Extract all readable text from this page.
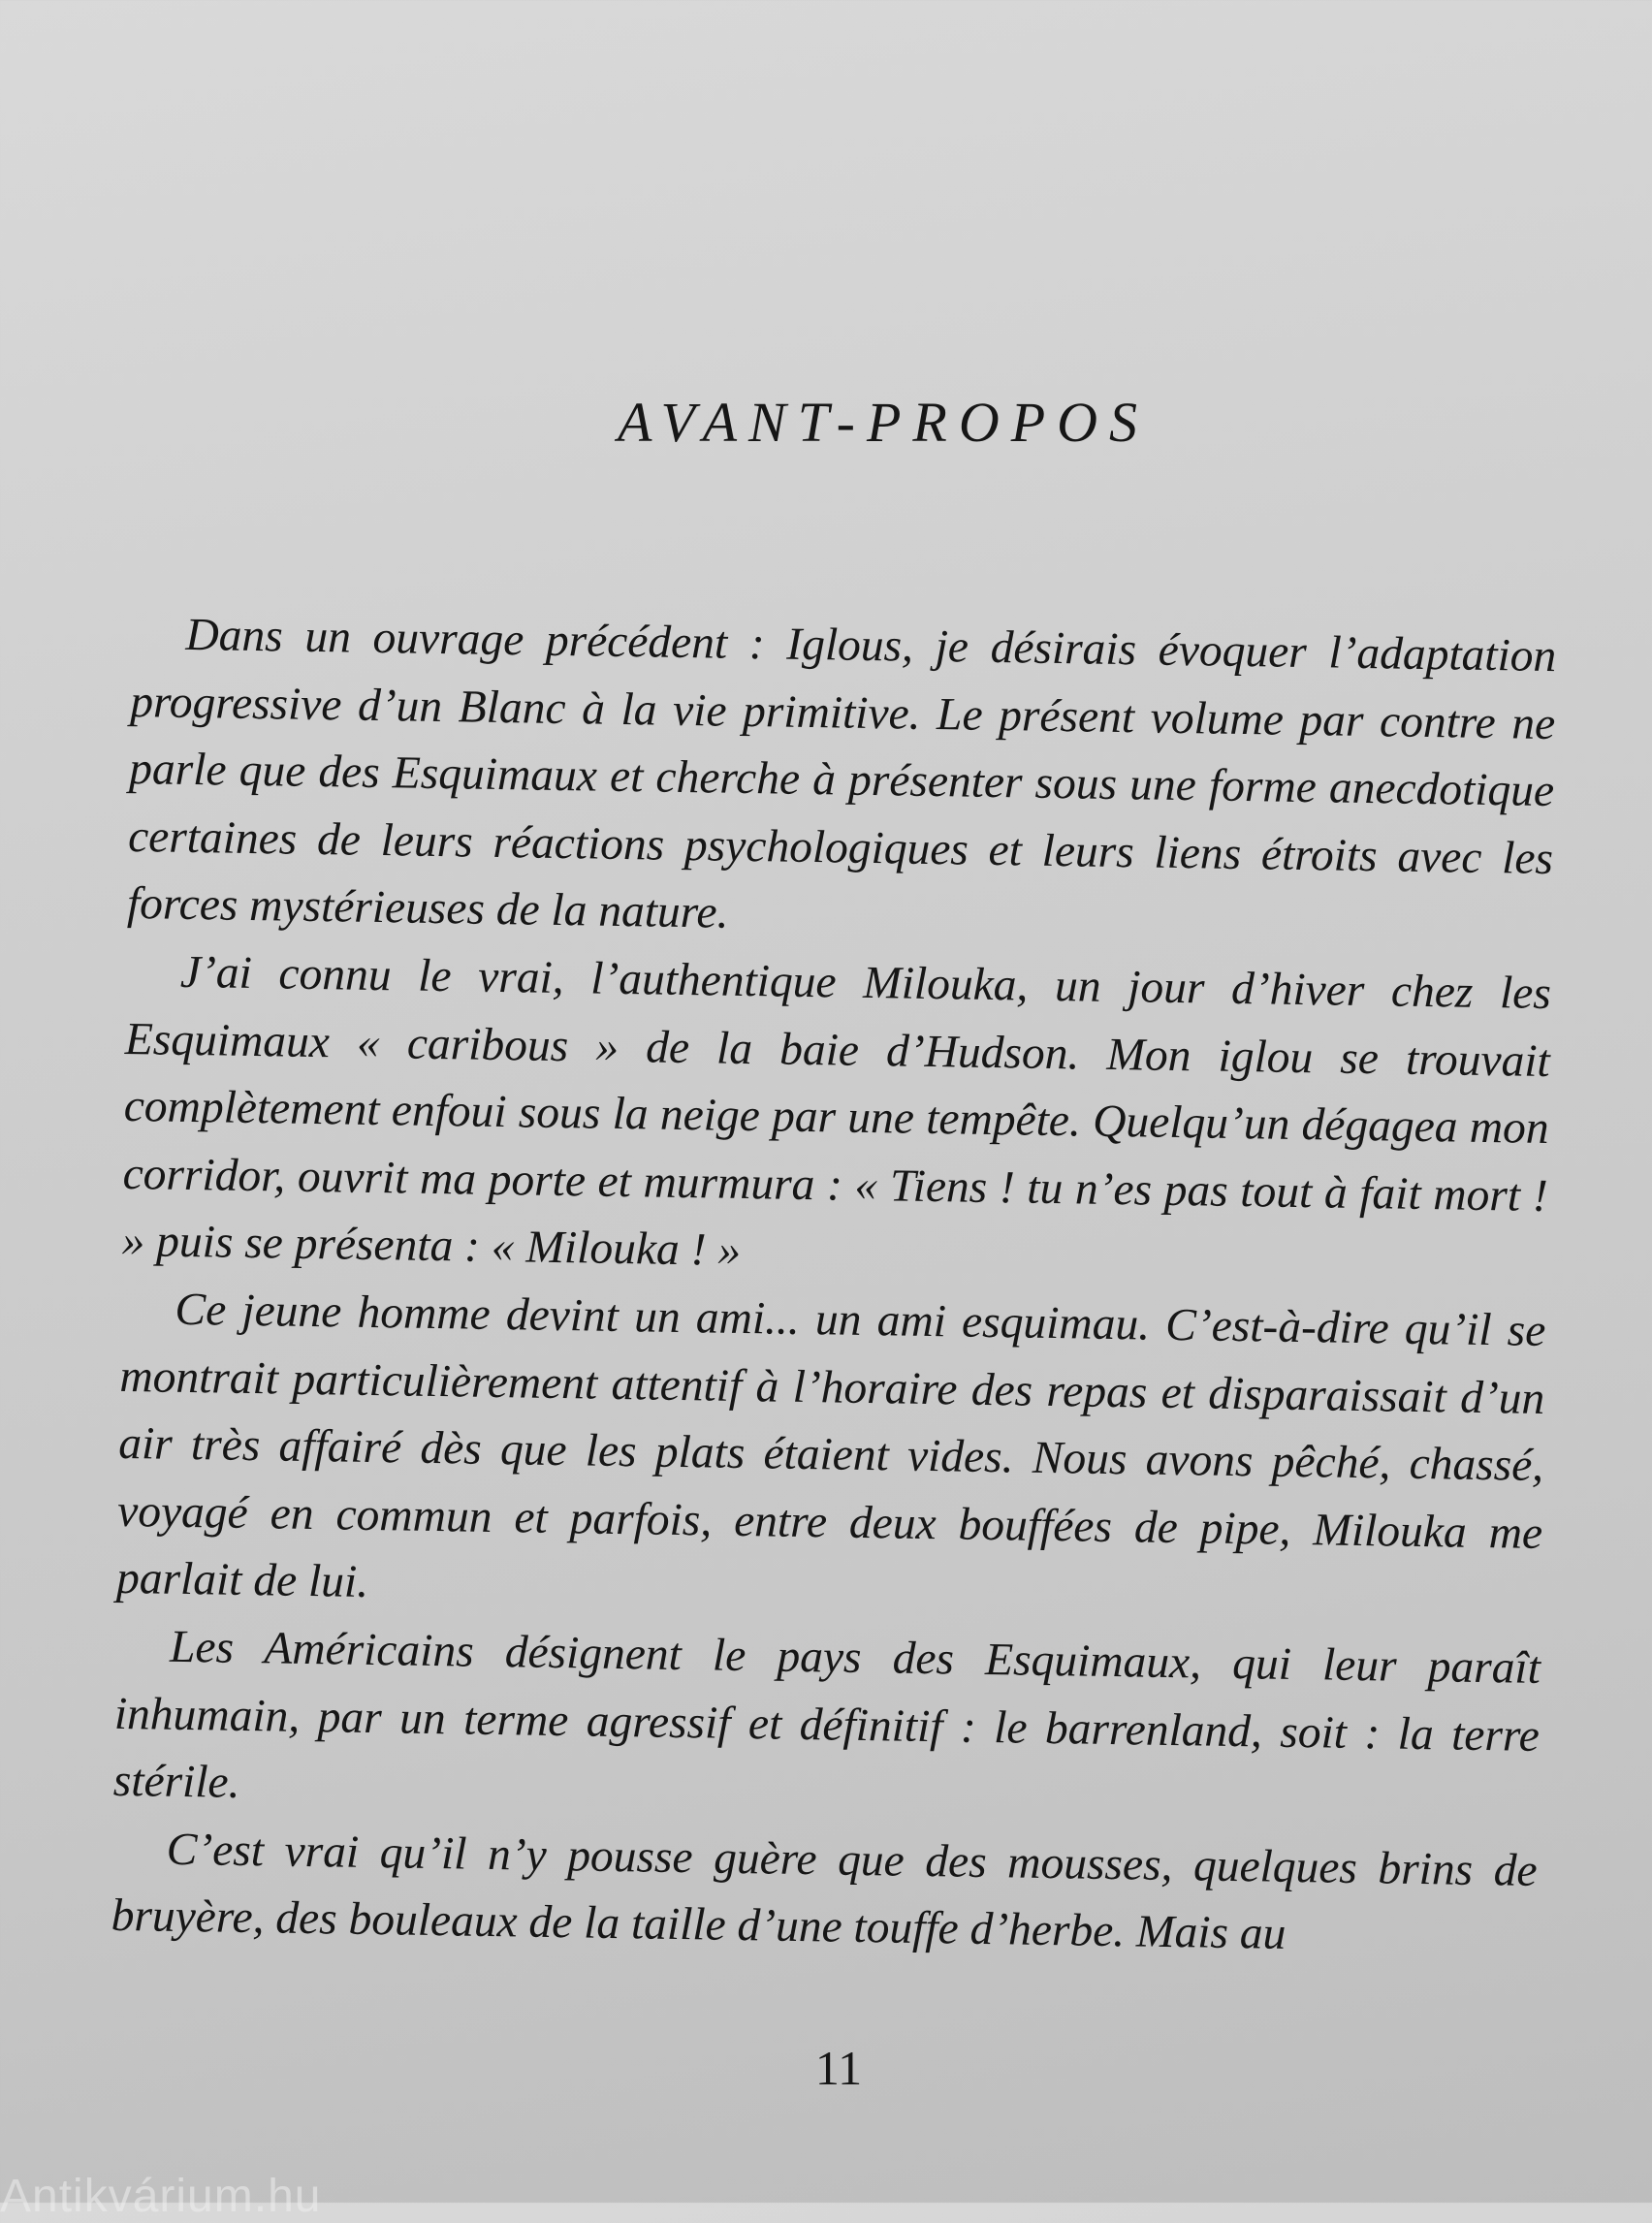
AVANT-PROPOS

Dans un ouvrage précédent : Iglous, je désirais évoquer l’adaptation progressive d’un Blanc à la vie primitive. Le présent volume par contre ne parle que des Esquimaux et cherche à présenter sous une forme anecdotique certaines de leurs réactions psychologiques et leurs liens étroits avec les forces mystérieuses de la nature.

J’ai connu le vrai, l’authentique Milouka, un jour d’hiver chez les Esquimaux « caribous » de la baie d’Hudson. Mon iglou se trouvait complètement enfoui sous la neige par une tempête. Quelqu’un dégagea mon corridor, ouvrit ma porte et murmura : « Tiens ! tu n’es pas tout à fait mort ! » puis se présenta : « Milouka ! »

Ce jeune homme devint un ami... un ami esquimau. C’est-à-dire qu’il se montrait particulièrement attentif à l’horaire des repas et disparaissait d’un air très affairé dès que les plats étaient vides. Nous avons pêché, chassé, voyagé en commun et parfois, entre deux bouffées de pipe, Milouka me parlait de lui.

Les Américains désignent le pays des Esquimaux, qui leur paraît inhumain, par un terme agressif et définitif : le barrenland, soit : la terre stérile.

C’est vrai qu’il n’y pousse guère que des mousses, quelques brins de bruyère, des bouleaux de la taille d’une touffe d’herbe. Mais au

11
Antikvárium.hu
